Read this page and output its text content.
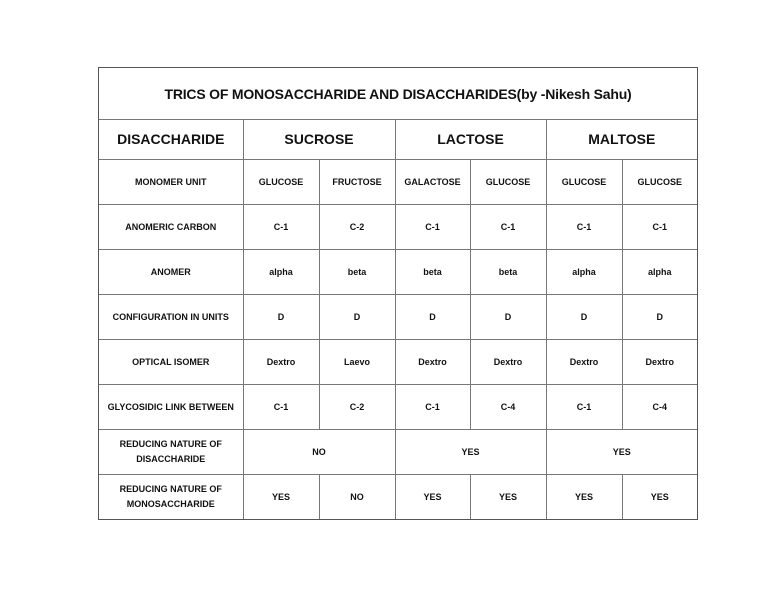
TRICS OF MONOSACCHARIDE AND DISACCHARIDES(by -Nikesh Sahu)
DISACCHARIDE	SUCROSE		LACTOSE		MALTOSE	
MONOMER UNIT	GLUCOSE	FRUCTOSE	GALACTOSE	GLUCOSE	GLUCOSE	GLUCOSE
ANOMERIC CARBON	C-1	C-2	C-1	C-1	C-1	C-1
ANOMER	alpha	beta	beta	beta	alpha	alpha
CONFIGURATION IN UNITS	D	D	D	D	D	D
OPTICAL ISOMER	Dextro	Laevo	Dextro	Dextro	Dextro	Dextro
GLYCOSIDIC LINK BETWEEN	C-1	C-2	C-1	C-4	C-1	C-4

REDUCING NATURE OF
DISACCHARIDE	NO		YES		YES	

REDUCING NATURE OF
MONOSACCHARIDE	YES	NO	YES	YES	YES	YES
